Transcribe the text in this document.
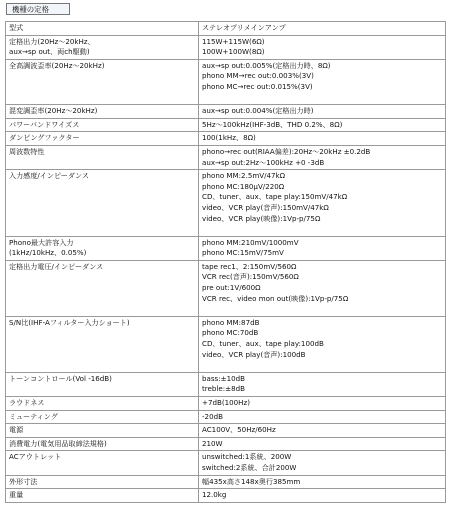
機種の定格
型式	ステレオプリメインアンプ

定格出力(20Hz～20kHz、
aux→sp out、両ch駆動)	115W+115W(6Ω)
100W+100W(8Ω)

全高調波歪率(20Hz～20kHz)	aux→sp out:0.005%(定格出力時、8Ω)
phono MM→rec out:0.003%(3V)
phono MC→rec out:0.015%(3V)

混変調歪率(20Hz～20kHz)	aux→sp out:0.004%(定格出力時)

パワーバンドワイズス	5Hz～100kHz(IHF-3dB、THD 0.2%、8Ω)

ダンピングファクター	100(1kHz、8Ω)

周波数特性	phono→rec out(RIAA偏差):20Hz～20kHz ±0.2dB
aux→sp out:2Hz～100kHz +0 -3dB

入力感度/インピーダンス	phono MM:2.5mV/47kΩ
phono MC:180μV/220Ω
CD、tuner、aux、tape play:150mV/47kΩ
video、VCR play(音声):150mV/47kΩ
video、VCR play(映像):1Vp-p/75Ω

Phono最大許容入力
(1kHz/10kHz、0.05%)	phono MM:210mV/1000mV
phono MC:15mV/75mV

定格出力電圧/インピーダンス	tape rec1、2:150mV/560Ω
VCR rec(音声):150mV/560Ω
pre out:1V/600Ω
VCR rec、video mon out(映像):1Vp-p/75Ω

S/N比(IHF-Aフィルター入力ショート)	phono MM:87dB
phono MC:70dB
CD、tuner、aux、tape play:100dB
video、VCR play(音声):100dB

トーンコントロール(Vol -16dB)	bass:±10dB
treble:±8dB

ラウドネス	+7dB(100Hz)

ミューティング	-20dB

電源	AC100V、50Hz/60Hz

消費電力(電気用品取締法規格)	210W

ACアウトレット	unswitched:1系統、200W
switched:2系統、合計200W

外形寸法	幅435x高さ148x奥行385mm

重量	12.0kg
